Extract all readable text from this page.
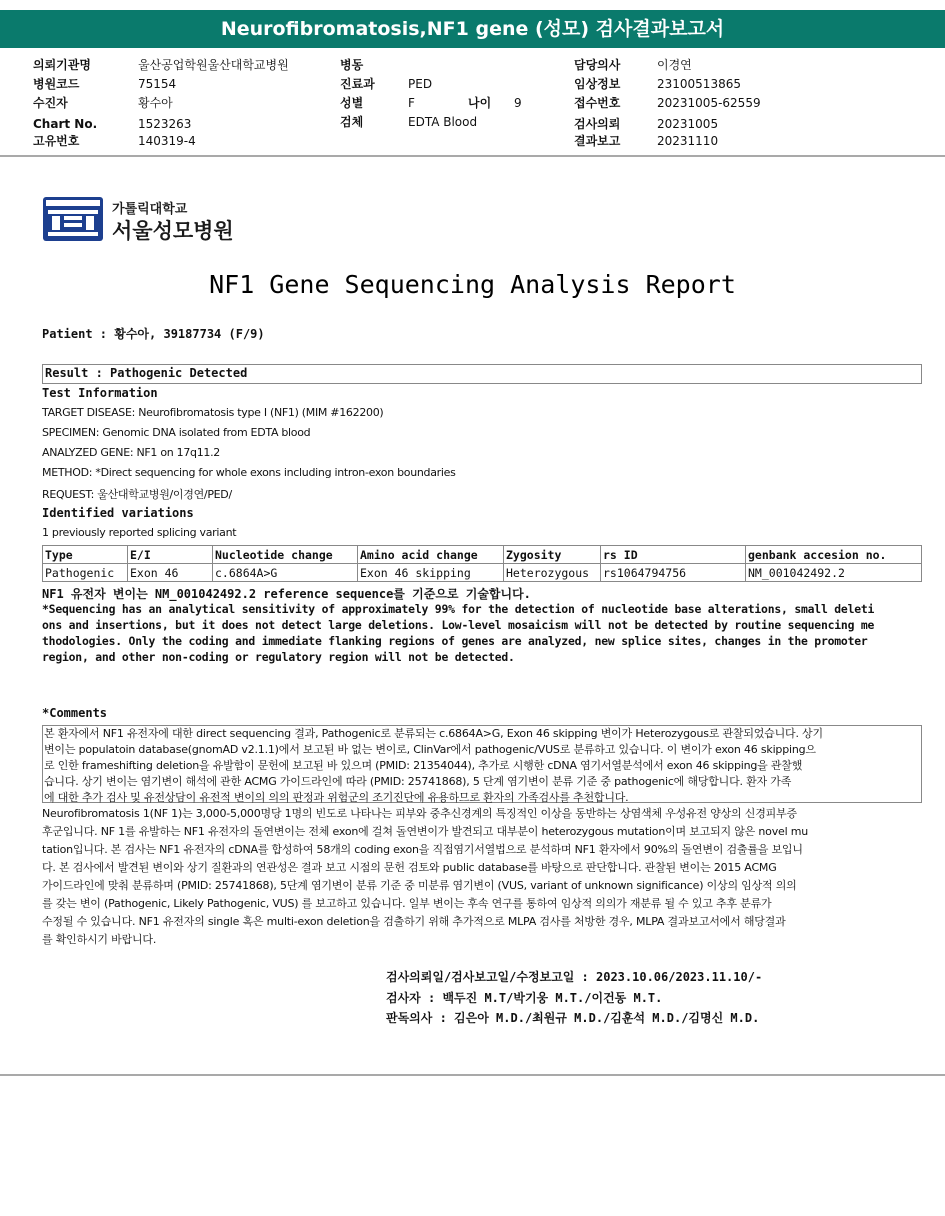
Neurofibromatosis,NF1 gene (성모) 검사결과보고서
의뢰기관명	울산공업학원울산대학교병원
병원코드	75154
수진자	황수아
Chart No.	1523263
고유번호	140319-4
병동
진료과	PED
성별	F	나이 9
검체	EDTA Blood
담당의사	이경연
임상정보	23100513865
접수번호	20231005-62559
검사의뢰	20231005
결과보고	20231110
가톨릭대학교
서울성모병원
NF1 Gene Sequencing Analysis Report
Patient : 황수아, 39187734 (F/9)
Result : Pathogenic Detected
Test Information
TARGET DISEASE: Neurofibromatosis type I (NF1) (MIM #162200)
SPECIMEN: Genomic DNA isolated from EDTA blood
ANALYZED GENE: NF1 on 17q11.2
METHOD: *Direct sequencing for whole exons including intron-exon boundaries
REQUEST: 울산대학교병원/이경연/PED/
Identified variations
1 previously reported splicing variant
Type	E/I	Nucleotide change	Amino acid change	Zygosity	rs ID	genbank accesion no.
Pathogenic	Exon 46	c.6864A>G	Exon 46 skipping	Heterozygous	rs1064794756	NM_001042492.2
NF1 유전자 변이는 NM_001042492.2 reference sequence를 기준으로 기술합니다.
*Sequencing has an analytical sensitivity of approximately 99% for the detection of nucleotide base alterations, small deleti
ons and insertions, but it does not detect large deletions. Low-level mosaicism will not be detected by routine sequencing me
thodologies. Only the coding and immediate flanking regions of genes are analyzed, new splice sites, changes in the promoter
region, and other non-coding or regulatory region will not be detected.
*Comments
본 환자에서 NF1 유전자에 대한 direct sequencing 결과, Pathogenic로 분류되는 c.6864A>G, Exon 46 skipping 변이가 Heterozygous로 관찰되었습니다. 상기
변이는 populatoin database(gnomAD v2.1.1)에서 보고된 바 없는 변이로, ClinVar에서 pathogenic/VUS로 분류하고 있습니다. 이 변이가 exon 46 skipping으
로 인한 frameshifting deletion을 유발함이 문헌에 보고된 바 있으며 (PMID: 21354044), 추가로 시행한 cDNA 염기서열분석에서 exon 46 skipping을 관찰했
습니다. 상기 변이는 염기변이 해석에 관한 ACMG 가이드라인에 따라 (PMID: 25741868), 5 단계 염기변이 분류 기준 중 pathogenic에 해당합니다. 환자 가족
에 대한 추가 검사 및 유전상담이 유전적 변이의 의의 판정과 위험군의 조기진단에 유용하므로 환자의 가족검사를 추천합니다.
Neurofibromatosis 1(NF 1)는 3,000-5,000명당 1명의 빈도로 나타나는 피부와 중추신경계의 특징적인 이상을 동반하는 상염색체 우성유전 양상의 신경피부증
후군입니다. NF 1를 유발하는 NF1 유전자의 돌연변이는 전체 exon에 걸쳐 돌연변이가 발견되고 대부분이 heterozygous mutation이며 보고되지 않은 novel mu
tation입니다. 본 검사는 NF1 유전자의 cDNA를 합성하여 58개의 coding exon을 직접염기서열법으로 분석하며 NF1 환자에서 90%의 돌연변이 검출률을 보입니
다. 본 검사에서 발견된 변이와 상기 질환과의 연관성은 결과 보고 시점의 문헌 검토와 public database를 바탕으로 판단합니다. 관찰된 변이는 2015 ACMG
가이드라인에 맞춰 분류하며 (PMID: 25741868), 5단계 염기변이 분류 기준 중 미분류 염기변이 (VUS, variant of unknown significance) 이상의 임상적 의의
를 갖는 변이 (Pathogenic, Likely Pathogenic, VUS) 를 보고하고 있습니다. 일부 변이는 후속 연구를 통하여 임상적 의의가 재분류 될 수 있고 추후 분류가
수정될 수 있습니다. NF1 유전자의 single 혹은 multi-exon deletion을 검출하기 위해 추가적으로 MLPA 검사를 처방한 경우, MLPA 결과보고서에서 해당결과
를 확인하시기 바랍니다.
검사의뢰일/검사보고일/수정보고일 : 2023.10.06/2023.11.10/-
검사자 : 백두진 M.T/박기웅 M.T./이건동 M.T.
판독의사 : 김은아 M.D./최원규 M.D./김훈석 M.D./김명신 M.D.
